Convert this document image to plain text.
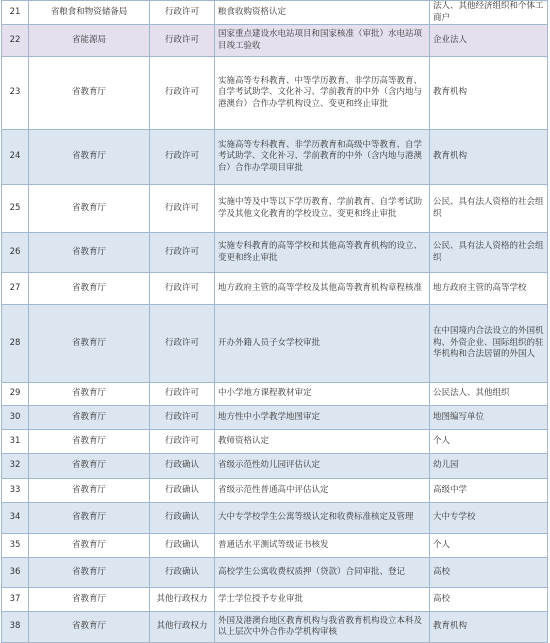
21	省粮食和物资储备局	行政许可	粮食收购资格认定	法人、其他经济组织和个体工商户
22	省能源局	行政许可	国家重点建设水电站项目和国家核准（审批）水电站项目竣工验收	企业法人
23	省教育厅	行政许可	实施高等专科教育、中等学历教育、非学历高等教育、自学考试助学、文化补习、学前教育的中外（含内地与港澳台）合作办学机构设立、变更和终止审批	教育机构
24	省教育厅	行政许可	实施高等专科教育、非学历教育和高级中等教育、自学考试助学、文化补习、学前教育的中外（含内地与港澳台）合作办学项目审批	教育机构
25	省教育厅	行政许可	实施中等及中等以下学历教育、学前教育、自学考试助学及其他文化教育的学校设立、变更和终止审批	公民、具有法人资格的社会组织
26	省教育厅	行政许可	实施专科教育的高等学校和其他高等教育机构的设立、变更和终止审批	公民、具有法人资格的社会组织
27	省教育厅	行政许可	地方政府主管的高等学校及其他高等教育机构章程核准	地方政府主管的高等学校
28	省教育厅	行政许可	开办外籍人员子女学校审批	在中国境内合法设立的外国机构、外资企业、国际组织的驻华机构和合法居留的外国人
29	省教育厅	行政许可	中小学地方课程教材审定	公民法人、其他组织
30	省教育厅	行政许可	地方性中小学教学地图审定	地图编写单位
31	省教育厅	行政许可	教师资格认定	个人
32	省教育厅	行政确认	省级示范性幼儿园评估认定	幼儿园
33	省教育厅	行政确认	省级示范性普通高中评估认定	高级中学
34	省教育厅	行政确认	大中专学校学生公寓等级认定和收费标准核定及管理	大中专学校
35	省教育厅	行政确认	普通话水平测试等级证书核发	个人
36	省教育厅	行政确认	高校学生公寓收费权质押（贷款）合同审批、登记	高校
37	省教育厅	其他行政权力	学士学位授予专业审批	高校
38	省教育厅	其他行政权力	外国及港澳台地区教育机构与我省教育机构设立本科及以上层次中外合作办学机构审核	教育机构
